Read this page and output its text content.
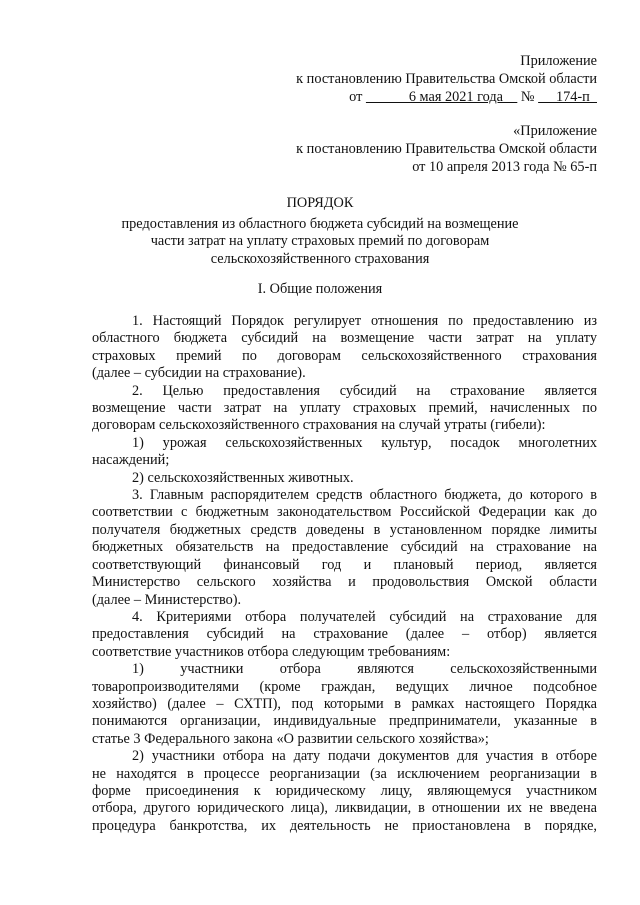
Приложение
к постановлению Правительства Омской области
от             6 мая 2021 года     №      174-п
«Приложение
к постановлению Правительства Омской области
от 10 апреля 2013 года № 65-п
ПОРЯДОК
предоставления из областного бюджета субсидий на возмещение
части затрат на уплату страховых премий по договорам
сельскохозяйственного страхования
I. Общие положения
1. Настоящий Порядок регулирует отношения по предоставлению из
областного бюджета субсидий на возмещение части затрат на уплату
страховых премий по договорам сельскохозяйственного страхования
(далее – субсидии на страхование).
2. Целью предоставления субсидий на страхование является
возмещение части затрат на уплату страховых премий, начисленных по
договорам сельскохозяйственного страхования на случай утраты (гибели):
1) урожая сельскохозяйственных культур, посадок многолетних
насаждений;
2) сельскохозяйственных животных.
3. Главным распорядителем средств областного бюджета, до которого в
соответствии с бюджетным законодательством Российской Федерации как до
получателя бюджетных средств доведены в установленном порядке лимиты
бюджетных обязательств на предоставление субсидий на страхование на
соответствующий финансовый год и плановый период, является
Министерство сельского хозяйства и продовольствия Омской области
(далее – Министерство).
4. Критериями отбора получателей субсидий на страхование для
предоставления субсидий на страхование (далее – отбор) является
соответствие участников отбора следующим требованиям:
1) участники отбора являются сельскохозяйственными
товаропроизводителями (кроме граждан, ведущих личное подсобное
хозяйство) (далее – СХТП), под которыми в рамках настоящего Порядка
понимаются организации, индивидуальные предприниматели, указанные в
статье 3 Федерального закона «О развитии сельского хозяйства»;
2) участники отбора на дату подачи документов для участия в отборе
не находятся в процессе реорганизации (за исключением реорганизации в
форме присоединения к юридическому лицу, являющемуся участником
отбора, другого юридического лица), ликвидации, в отношении их не введена
процедура банкротства, их деятельность не приостановлена в порядке,
